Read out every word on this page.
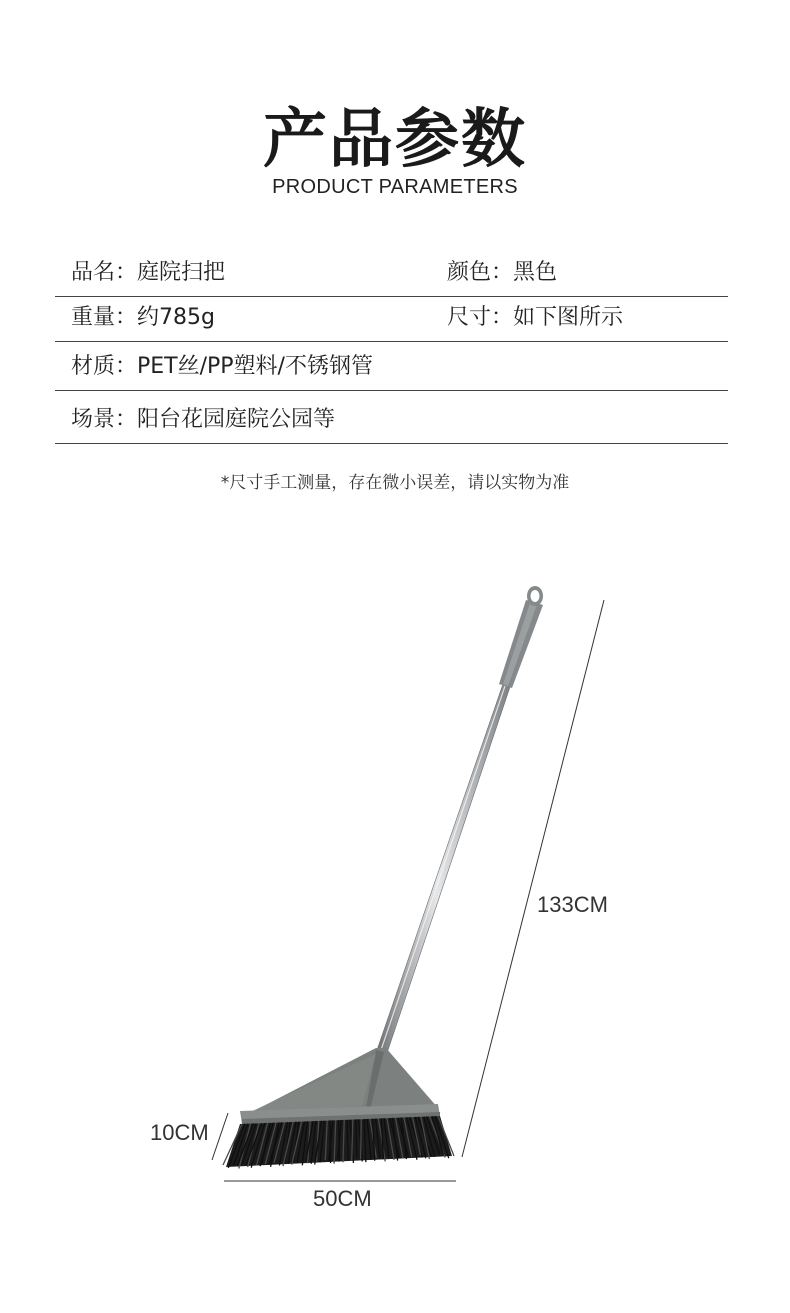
产品参数
PRODUCT PARAMETERS
品名：庭院扫把	颜色：黑色
重量：约785g	尺寸：如下图所示
材质：PET丝/PP塑料/不锈钢管
场景：阳台花园庭院公园等
*尺寸手工测量，存在微小误差，请以实物为准
133CM
10CM
50CM
